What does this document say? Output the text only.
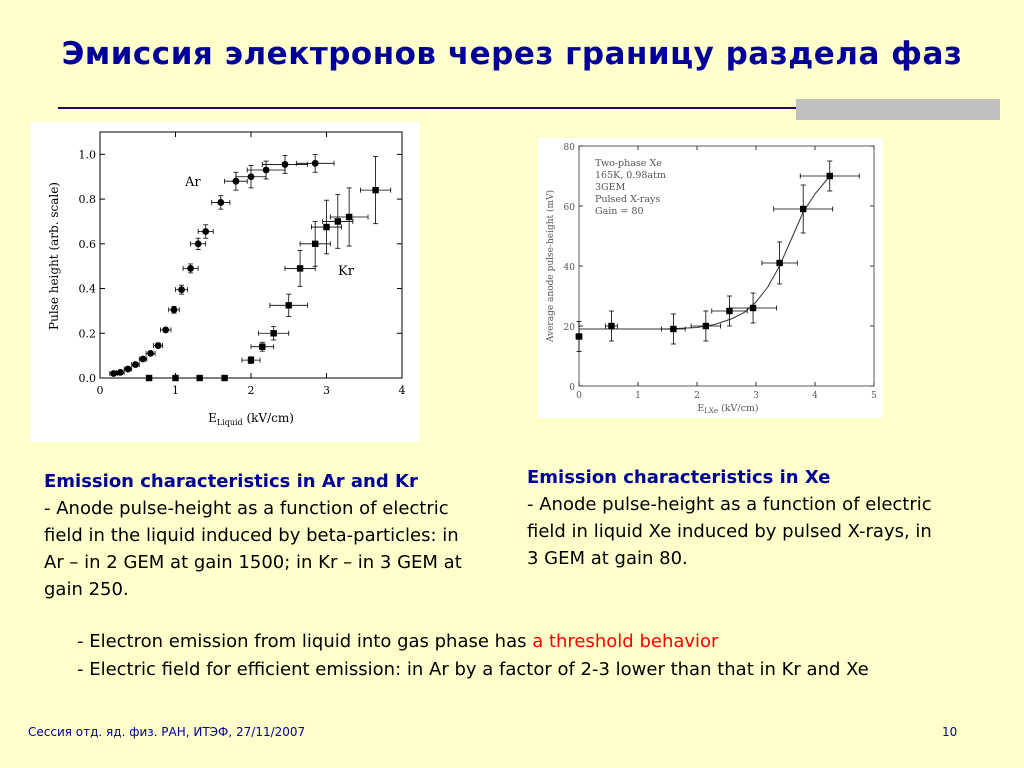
Эмиссия электронов через границу раздела фаз
0	1	2	3	4
0.0
0.2
0.4
0.6
0.8
1.0
Ar
Kr
Pulse height (arb. scale)
$E_{Liquid}$ (kV/cm)
0	1	2	3	4	5
0
20
40
60
80
Two-phase Xe
165K, 0.98atm
3GEM
Pulsed X-rays
Gain = 80
Average anode pulse-height (mV)
$E_{LXe}$ (kV/cm)
Emission characteristics in Ar and Kr
- Anode pulse-height as a function of electric field in the liquid induced by beta-particles: in Ar – in 2 GEM at gain 1500; in Kr – in 3 GEM at gain 250.
Emission characteristics in Xe
- Anode pulse-height as a function of electric field in liquid Xe induced by pulsed X-rays, in 3 GEM at gain 80.
- Electron emission from liquid into gas phase has a threshold behavior
- Electric field for efficient emission: in Ar by a factor of 2-3 lower than that in Kr and Xe
Сессия отд. яд. физ. РАН, ИТЭФ, 27/11/2007	10
